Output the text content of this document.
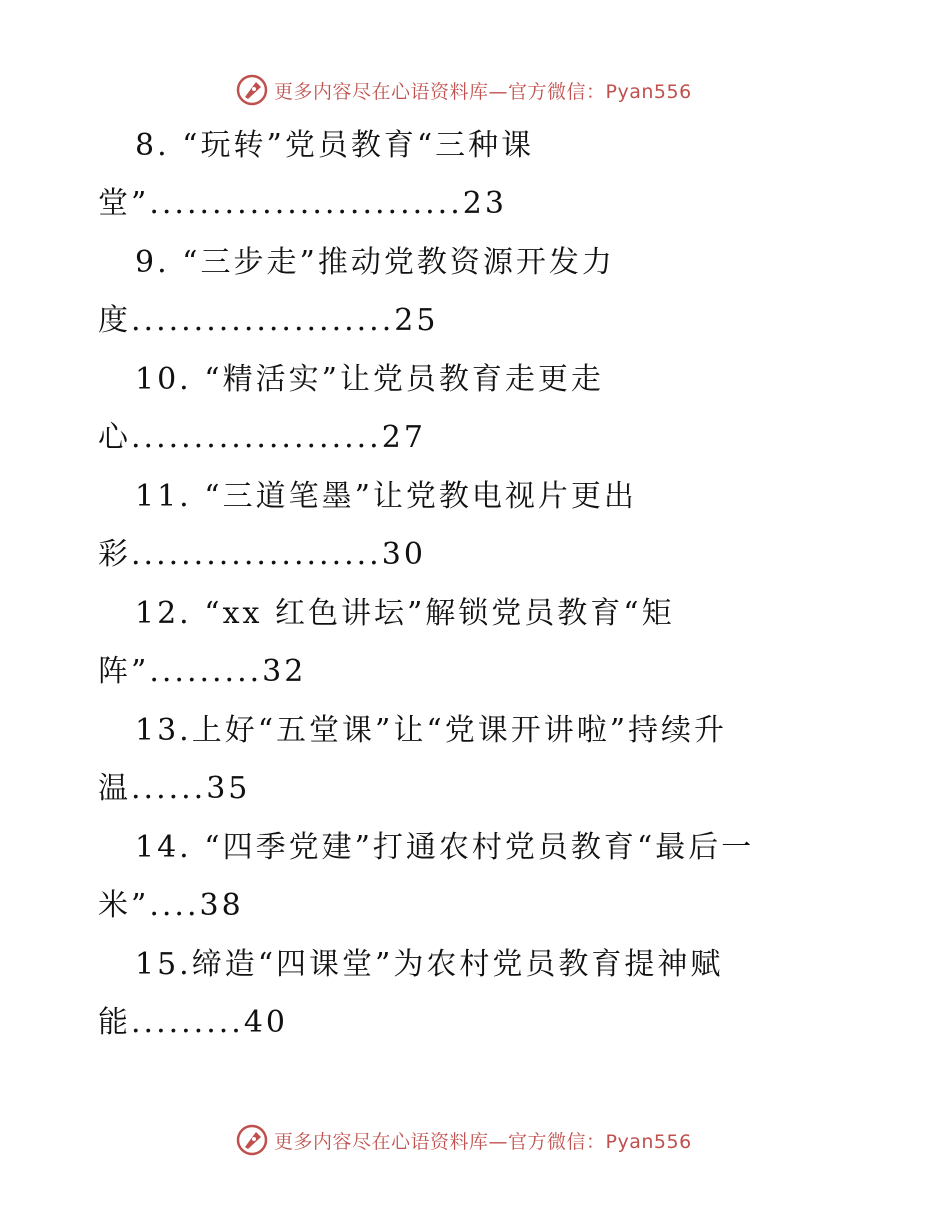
更多内容尽在心语资料库—官方微信：Pyan556
8. “玩转”党员教育“三种课
堂”.........................23
9. “三步走”推动党教资源开发力
度.....................25
10. “精活实”让党员教育走更走
心....................27
11. “三道笔墨”让党教电视片更出
彩....................30
12. “xx 红色讲坛”解锁党员教育“矩
阵”.........32
13.上好“五堂课”让“党课开讲啦”持续升
温......35
14. “四季党建”打通农村党员教育“最后一
米”....38
15.缔造“四课堂”为农村党员教育提神赋
能.........40
更多内容尽在心语资料库—官方微信：Pyan556
